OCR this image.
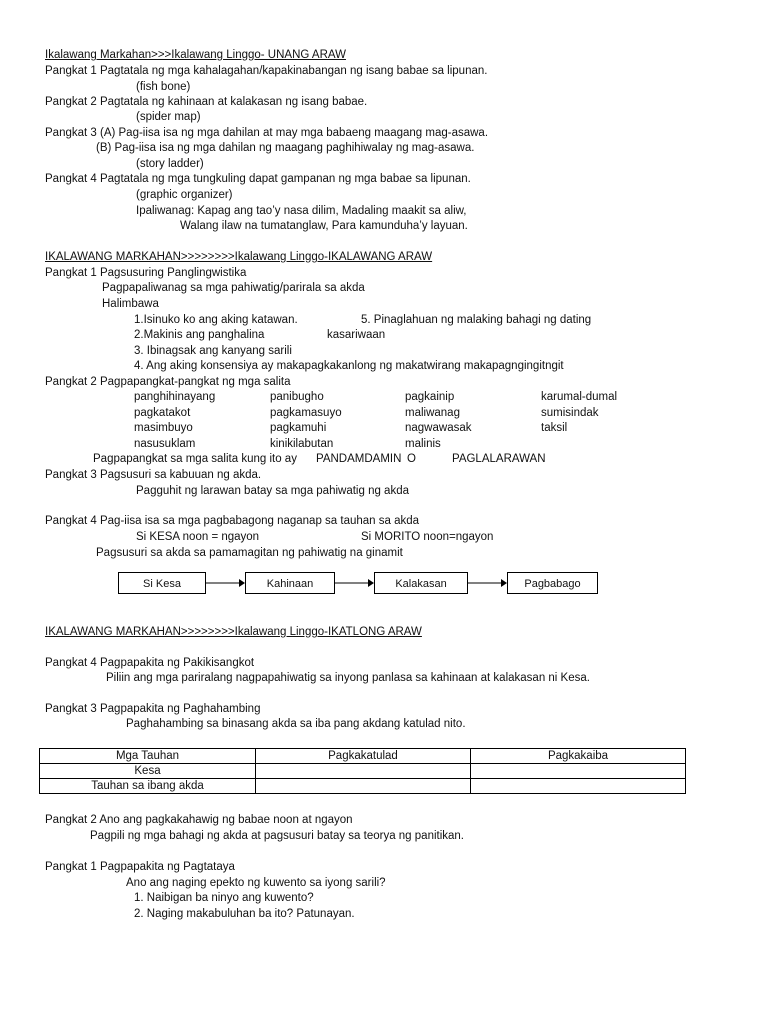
Ikalawang Markahan>>>Ikalawang Linggo- UNANG ARAW
Pangkat 1 Pagtatala ng mga kahalagahan/kapakinabangan ng isang babae sa lipunan.
(fish bone)
Pangkat 2 Pagtatala ng kahinaan at kalakasan ng isang babae.
(spider map)
Pangkat 3 (A) Pag-iisa isa ng mga dahilan at may mga babaeng maagang mag-asawa.
(B) Pag-iisa isa ng mga dahilan ng maagang paghihiwalay ng mag-asawa.
(story ladder)
Pangkat 4 Pagtatala ng mga tungkuling dapat gampanan ng mga babae sa lipunan.
(graphic organizer)
Ipaliwanag: Kapag ang tao’y nasa dilim, Madaling maakit sa aliw,
Walang ilaw na tumatanglaw, Para kamunduha’y layuan.
IKALAWANG MARKAHAN>>>>>>>>Ikalawang Linggo-IKALAWANG ARAW
Pangkat 1 Pagsusuring Panglingwistika
Pagpapaliwanag sa mga pahiwatig/parirala sa akda
Halimbawa
1.Isinuko ko ang aking katawan.	5. Pinaglahuan ng malaking bahagi ng dating
2.Makinis ang panghalina	kasariwaan
3. Ibinagsak ang kanyang sarili
4. Ang aking konsensiya ay makapagkakanlong ng makatwirang makapagngingitngit
Pangkat 2 Pagpapangkat-pangkat ng mga salita
panghihinayang	panibugho	pagkainip	karumal-dumal
pagkatakot	pagkamasuyo	maliwanag	sumisindak
masimbuyo	pagkamuhi	nagwawasak	taksil
nasusuklam	kinikilabutan	malinis
Pagpapangkat sa mga salita kung ito ay PANDAMDAMIN O	PAGLALARAWAN
Pangkat 3 Pagsusuri sa kabuuan ng akda.
Pagguhit ng larawan batay sa mga pahiwatig ng akda
Pangkat 4 Pag-iisa isa sa mga pagbabagong naganap sa tauhan sa akda
Si KESA noon = ngayon	Si MORITO noon=ngayon
Pagsusuri sa akda sa pamamagitan ng pahiwatig na ginamit
Si Kesa	Kahinaan	Kalakasan	Pagbabago
IKALAWANG MARKAHAN>>>>>>>>Ikalawang Linggo-IKATLONG ARAW
Pangkat 4 Pagpapakita ng Pakikisangkot
Piliin ang mga pariralang nagpapahiwatig sa inyong panlasa sa kahinaan at kalakasan ni Kesa.
Pangkat 3 Pagpapakita ng Paghahambing
Paghahambing sa binasang akda sa iba pang akdang katulad nito.
Mga Tauhan	Pagkakatulad	Pagkakaiba
Kesa		
Tauhan sa ibang akda		
Pangkat 2 Ano ang pagkakahawig ng babae noon at ngayon
Pagpili ng mga bahagi ng akda at pagsusuri batay sa teorya ng panitikan.
Pangkat 1 Pagpapakita ng Pagtataya
Ano ang naging epekto ng kuwento sa iyong sarili?
1. Naibigan ba ninyo ang kuwento?
2. Naging makabuluhan ba ito? Patunayan.
